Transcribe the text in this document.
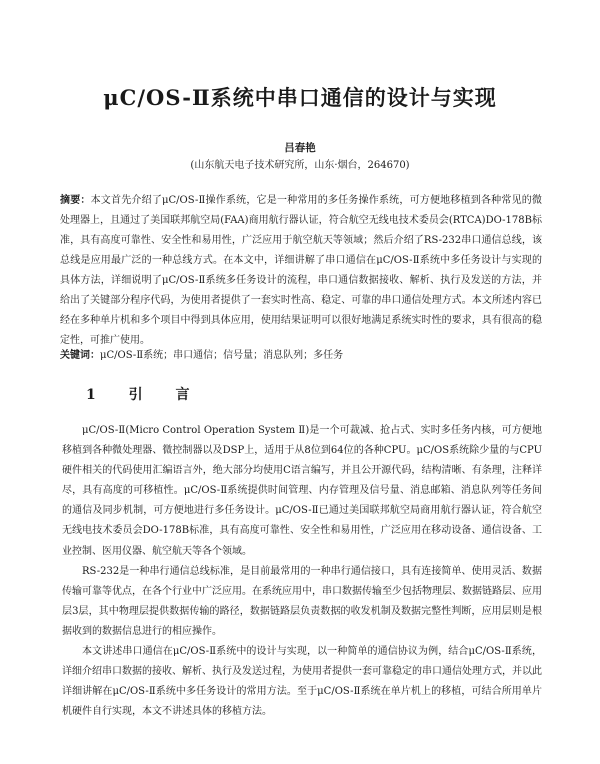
μC/OS-Ⅱ系统中串口通信的设计与实现
吕春艳
(山东航天电子技术研究所，山东·烟台，264670)

摘要：本文首先介绍了μC/OS-Ⅱ操作系统，它是一种常用的多任务操作系统，可方便地移植到各种常见的微处理器上，且通过了美国联邦航空局(FAA)商用航行器认证，符合航空无线电技术委员会(RTCA)DO-178B标准，具有高度可靠性、安全性和易用性，广泛应用于航空航天等领域；然后介绍了RS-232串口通信总线，该总线是应用最广泛的一种总线方式。在本文中，详细讲解了串口通信在μC/OS-Ⅱ系统中多任务设计与实现的具体方法，详细说明了μC/OS-Ⅱ系统多任务设计的流程，串口通信数据接收、解析、执行及发送的方法，并给出了关键部分程序代码，为使用者提供了一套实时性高、稳定、可靠的串口通信处理方式。本文所述内容已经在多种单片机和多个项目中得到具体应用，使用结果证明可以很好地满足系统实时性的要求，具有很高的稳定性，可推广使用。

关键词：μC/OS-Ⅱ系统；串口通信；信号量；消息队列；多任务

1 引 言

μC/OS-Ⅱ(Micro Control Operation System Ⅱ)是一个可裁减、抢占式、实时多任务内核，可方便地移植到各种微处理器、微控制器以及DSP上，适用于从8位到64位的各种CPU。μC/OS系统除少量的与CPU硬件相关的代码使用汇编语言外，绝大部分均使用C语言编写，并且公开源代码，结构清晰、有条理，注释详尽，具有高度的可移植性。μC/OS-Ⅱ系统提供时间管理、内存管理及信号量、消息邮箱、消息队列等任务间的通信及同步机制，可方便地进行多任务设计。μC/OS-Ⅱ已通过美国联邦航空局商用航行器认证，符合航空无线电技术委员会DO-178B标准，具有高度可靠性、安全性和易用性，广泛应用在移动设备、通信设备、工业控制、医用仪器、航空航天等各个领域。

RS-232是一种串行通信总线标准，是目前最常用的一种串行通信接口，具有连接简单、使用灵活、数据传输可靠等优点，在各个行业中广泛应用。在系统应用中，串口数据传输至少包括物理层、数据链路层、应用层3层，其中物理层提供数据传输的路径，数据链路层负责数据的收发机制及数据完整性判断，应用层则是根据收到的数据信息进行的相应操作。

本文讲述串口通信在μC/OS-Ⅱ系统中的设计与实现，以一种简单的通信协议为例，结合μC/OS-Ⅱ系统，详细介绍串口数据的接收、解析、执行及发送过程，为使用者提供一套可靠稳定的串口通信处理方式，并以此详细讲解在μC/OS-Ⅱ系统中多任务设计的常用方法。至于μC/OS-Ⅱ系统在单片机上的移植，可结合所用单片机硬件自行实现，本文不讲述具体的移植方法。
